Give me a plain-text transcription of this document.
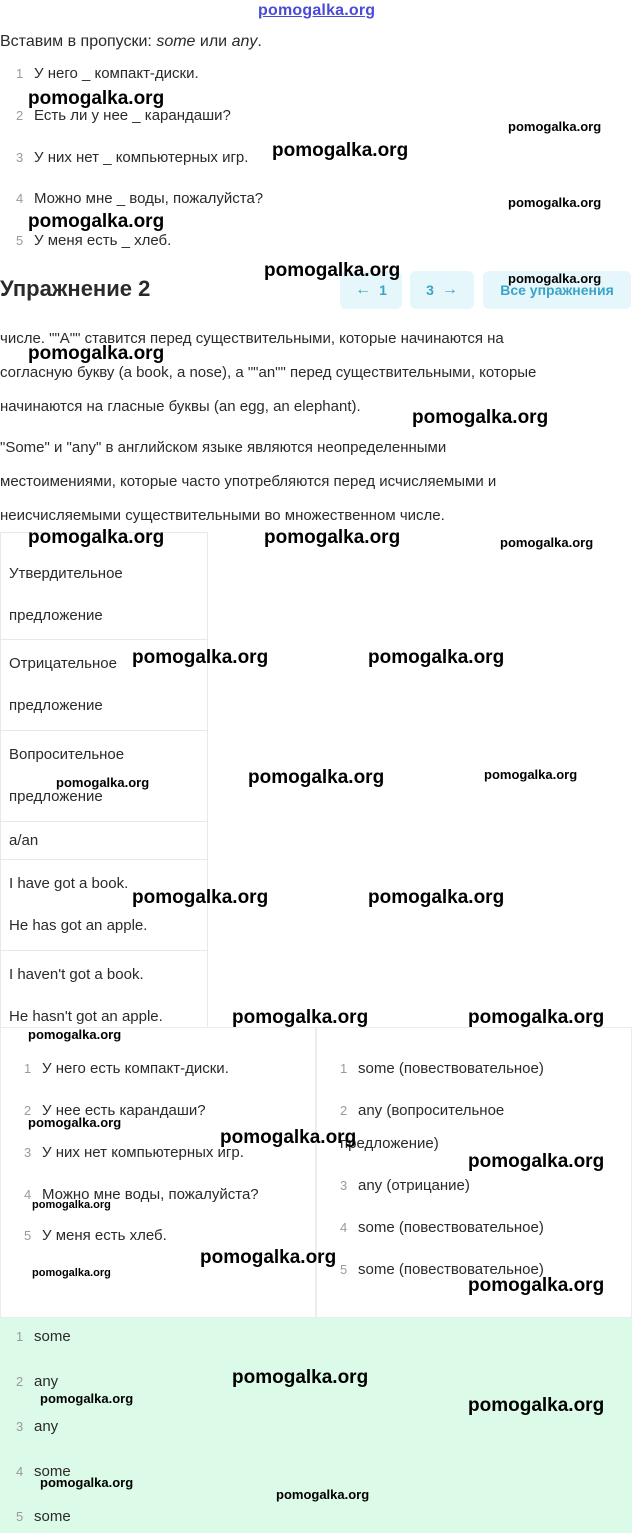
pomogalka.org
Вставим в пропуски: some или any.
1 У него _ компакт-диски.
2 Есть ли у нее _ карандаши?
3 У них нет _ компьютерных игр.
4 Можно мне _ воды, пожалуйста?
5 У меня есть _ хлеб.
Упражнение 2	← 1	3 →	Все упражнения
числе. ""A"" ставится перед существительными, которые начинаются на
согласную букву (a book, a nose), а ""an"" перед существительными, которые
начинаются на гласные буквы (an egg, an elephant).
"Some" и "any" в английском языке являются неопределенными
местоимениями, которые часто употребляются перед исчисляемыми и
неисчисляемыми существительными во множественном числе.
Утвердительное
предложение
Отрицательное
предложение
Вопросительное
предложение
a/an
I have got a book.
He has got an apple.
I haven't got a book.
He hasn't got an apple.
1 У него есть компакт-диски.
2 У нее есть карандаши?
3 У них нет компьютерных игр.
4 Можно мне воды, пожалуйста?
5 У меня есть хлеб.
1 some (повествовательное)
2 any (вопросительное
предложение)
3 any (отрицание)
4 some (повествовательное)
5 some (повествовательное)
1 some
2 any
3 any
4 some
5 some
pomogalka.org
pomogalka.org
pomogalka.org
pomogalka.org
pomogalka.org
pomogalka.org	pomogalka.org
pomogalka.org
pomogalka.org
pomogalka.org	pomogalka.org	pomogalka.org
pomogalka.org	pomogalka.org
pomogalka.org	pomogalka.org	pomogalka.org
pomogalka.org	pomogalka.org
pomogalka.org	pomogalka.org
pomogalka.org
pomogalka.org
pomogalka.org
pomogalka.org
pomogalka.org
pomogalka.org
pomogalka.org
pomogalka.org
pomogalka.org
pomogalka.org	pomogalka.org
pomogalka.org
pomogalka.org
